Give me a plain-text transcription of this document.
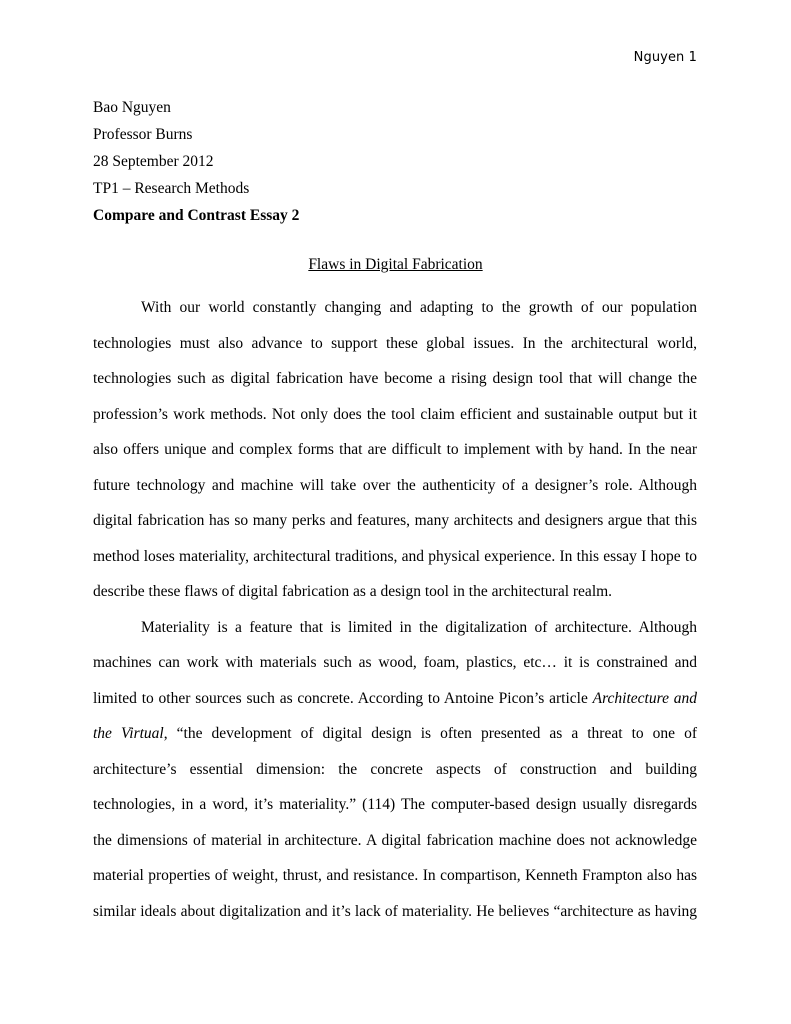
Nguyen 1
Bao Nguyen
Professor Burns
28 September 2012
TP1 – Research Methods
Compare and Contrast Essay 2
Flaws in Digital Fabrication
With our world constantly changing and adapting to the growth of our population
technologies must also advance to support these global issues. In the architectural world,
technologies such as digital fabrication have become a rising design tool that will change the
profession’s work methods. Not only does the tool claim efficient and sustainable output but it
also offers unique and complex forms that are difficult to implement with by hand. In the near
future technology and machine will take over the authenticity of a designer’s role. Although
digital fabrication has so many perks and features, many architects and designers argue that this
method loses materiality, architectural traditions, and physical experience. In this essay I hope to
describe these flaws of digital fabrication as a design tool in the architectural realm.
Materiality is a feature that is limited in the digitalization of architecture. Although
machines can work with materials such as wood, foam, plastics, etc… it is constrained and
limited to other sources such as concrete. According to Antoine Picon’s article Architecture and
the Virtual, “the development of digital design is often presented as a threat to one of
architecture’s essential dimension: the concrete aspects of construction and building
technologies, in a word, it’s materiality.” (114) The computer-based design usually disregards
the dimensions of material in architecture. A digital fabrication machine does not acknowledge
material properties of weight, thrust, and resistance. In compartison, Kenneth Frampton also has
similar ideals about digitalization and it’s lack of materiality. He believes “architecture as having
